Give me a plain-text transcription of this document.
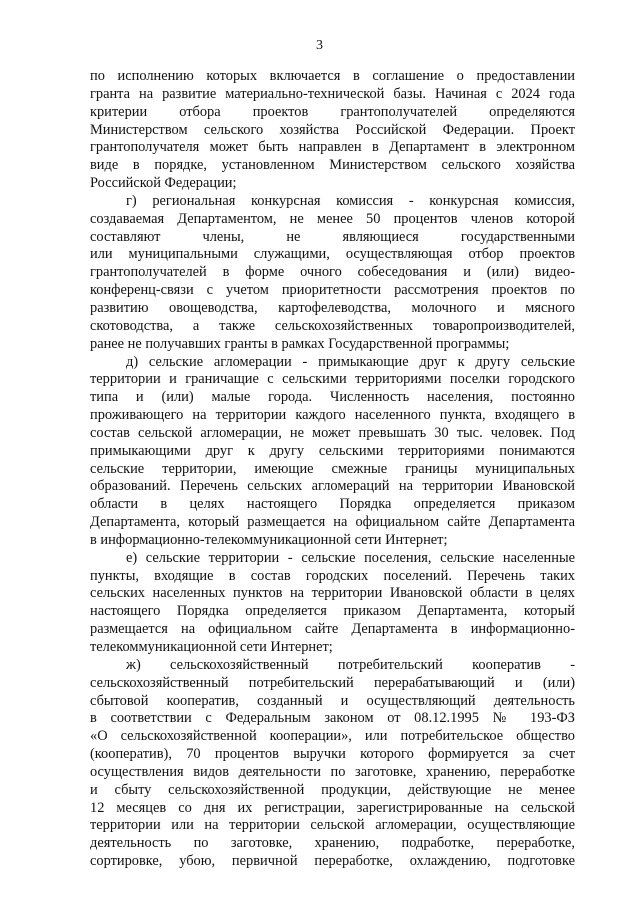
3
по исполнению которых включается в соглашение о предоставлении
гранта на развитие материально-технической базы. Начиная с 2024 года
критерии отбора проектов грантополучателей определяются
Министерством сельского хозяйства Российской Федерации. Проект
грантополучателя может быть направлен в Департамент в электронном
виде в порядке, установленном Министерством сельского хозяйства
Российской Федерации;
г) региональная конкурсная комиссия - конкурсная комиссия,
создаваемая Департаментом, не менее 50 процентов членов которой
составляют члены, не являющиеся государственными
или муниципальными служащими, осуществляющая отбор проектов
грантополучателей в форме очного собеседования и (или) видео-
конференц-связи с учетом приоритетности рассмотрения проектов по
развитию овощеводства, картофелеводства, молочного и мясного
скотоводства, а также сельскохозяйственных товаропроизводителей,
ранее не получавших гранты в рамках Государственной программы;
д) сельские агломерации - примыкающие друг к другу сельские
территории и граничащие с сельскими территориями поселки городского
типа и (или) малые города. Численность населения, постоянно
проживающего на территории каждого населенного пункта, входящего в
состав сельской агломерации, не может превышать 30 тыс. человек. Под
примыкающими друг к другу сельскими территориями понимаются
сельские территории, имеющие смежные границы муниципальных
образований. Перечень сельских агломераций на территории Ивановской
области в целях настоящего Порядка определяется приказом
Департамента, который размещается на официальном сайте Департамента
в информационно-телекоммуникационной сети Интернет;
е) сельские территории - сельские поселения, сельские населенные
пункты, входящие в состав городских поселений. Перечень таких
сельских населенных пунктов на территории Ивановской области в целях
настоящего Порядка определяется приказом Департамента, который
размещается на официальном сайте Департамента в информационно-
телекоммуникационной сети Интернет;
ж) сельскохозяйственный потребительский кооператив -
сельскохозяйственный потребительский перерабатывающий и (или)
сбытовой кооператив, созданный и осуществляющий деятельность
в соответствии с Федеральным законом от 08.12.1995 № 193-ФЗ
«О сельскохозяйственной кооперации», или потребительское общество
(кооператив), 70 процентов выручки которого формируется за счет
осуществления видов деятельности по заготовке, хранению, переработке
и сбыту сельскохозяйственной продукции, действующие не менее
12 месяцев со дня их регистрации, зарегистрированные на сельской
территории или на территории сельской агломерации, осуществляющие
деятельность по заготовке, хранению, подработке, переработке,
сортировке, убою, первичной переработке, охлаждению, подготовке
